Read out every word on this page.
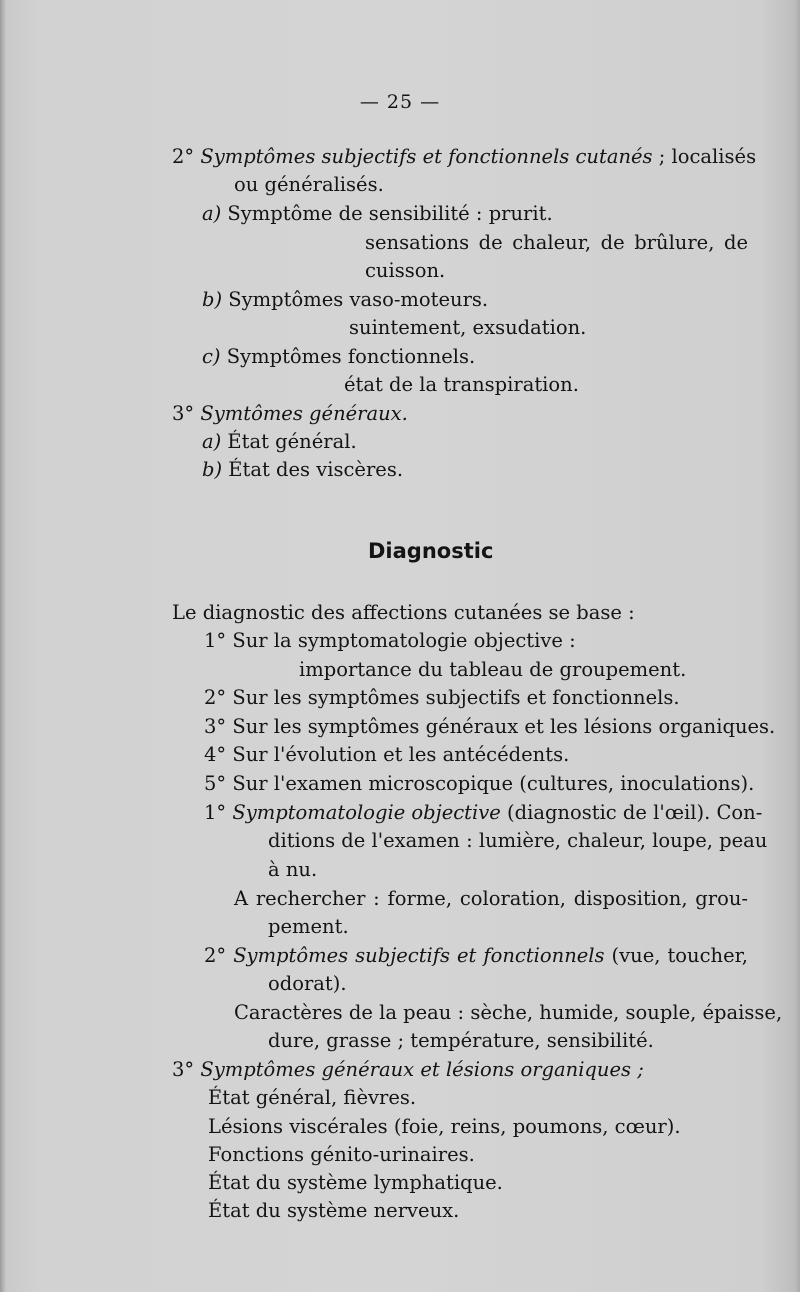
— 25 —
2° Symptômes subjectifs et fonctionnels cutanés ; localisés
ou généralisés.
a) Symptôme de sensibilité : prurit.
sensations de chaleur, de brûlure, de
cuisson.
b) Symptômes vaso-moteurs.
suintement, exsudation.
c) Symptômes fonctionnels.
état de la transpiration.
3° Symtômes généraux.
a) État général.
b) État des viscères.
Diagnostic
Le diagnostic des affections cutanées se base :
1° Sur la symptomatologie objective :
importance du tableau de groupement.
2° Sur les symptômes subjectifs et fonctionnels.
3° Sur les symptômes généraux et les lésions organiques.
4° Sur l'évolution et les antécédents.
5° Sur l'examen microscopique (cultures, inoculations).
1° Symptomatologie objective (diagnostic de l'œil). Con-
ditions de l'examen : lumière, chaleur, loupe, peau
à nu.
A rechercher : forme, coloration, disposition, grou-
pement.
2° Symptômes subjectifs et fonctionnels (vue, toucher,
odorat).
Caractères de la peau : sèche, humide, souple, épaisse,
dure, grasse ; température, sensibilité.
3° Symptômes généraux et lésions organiques ;
État général, fièvres.
Lésions viscérales (foie, reins, poumons, cœur).
Fonctions génito-urinaires.
État du système lymphatique.
État du système nerveux.
